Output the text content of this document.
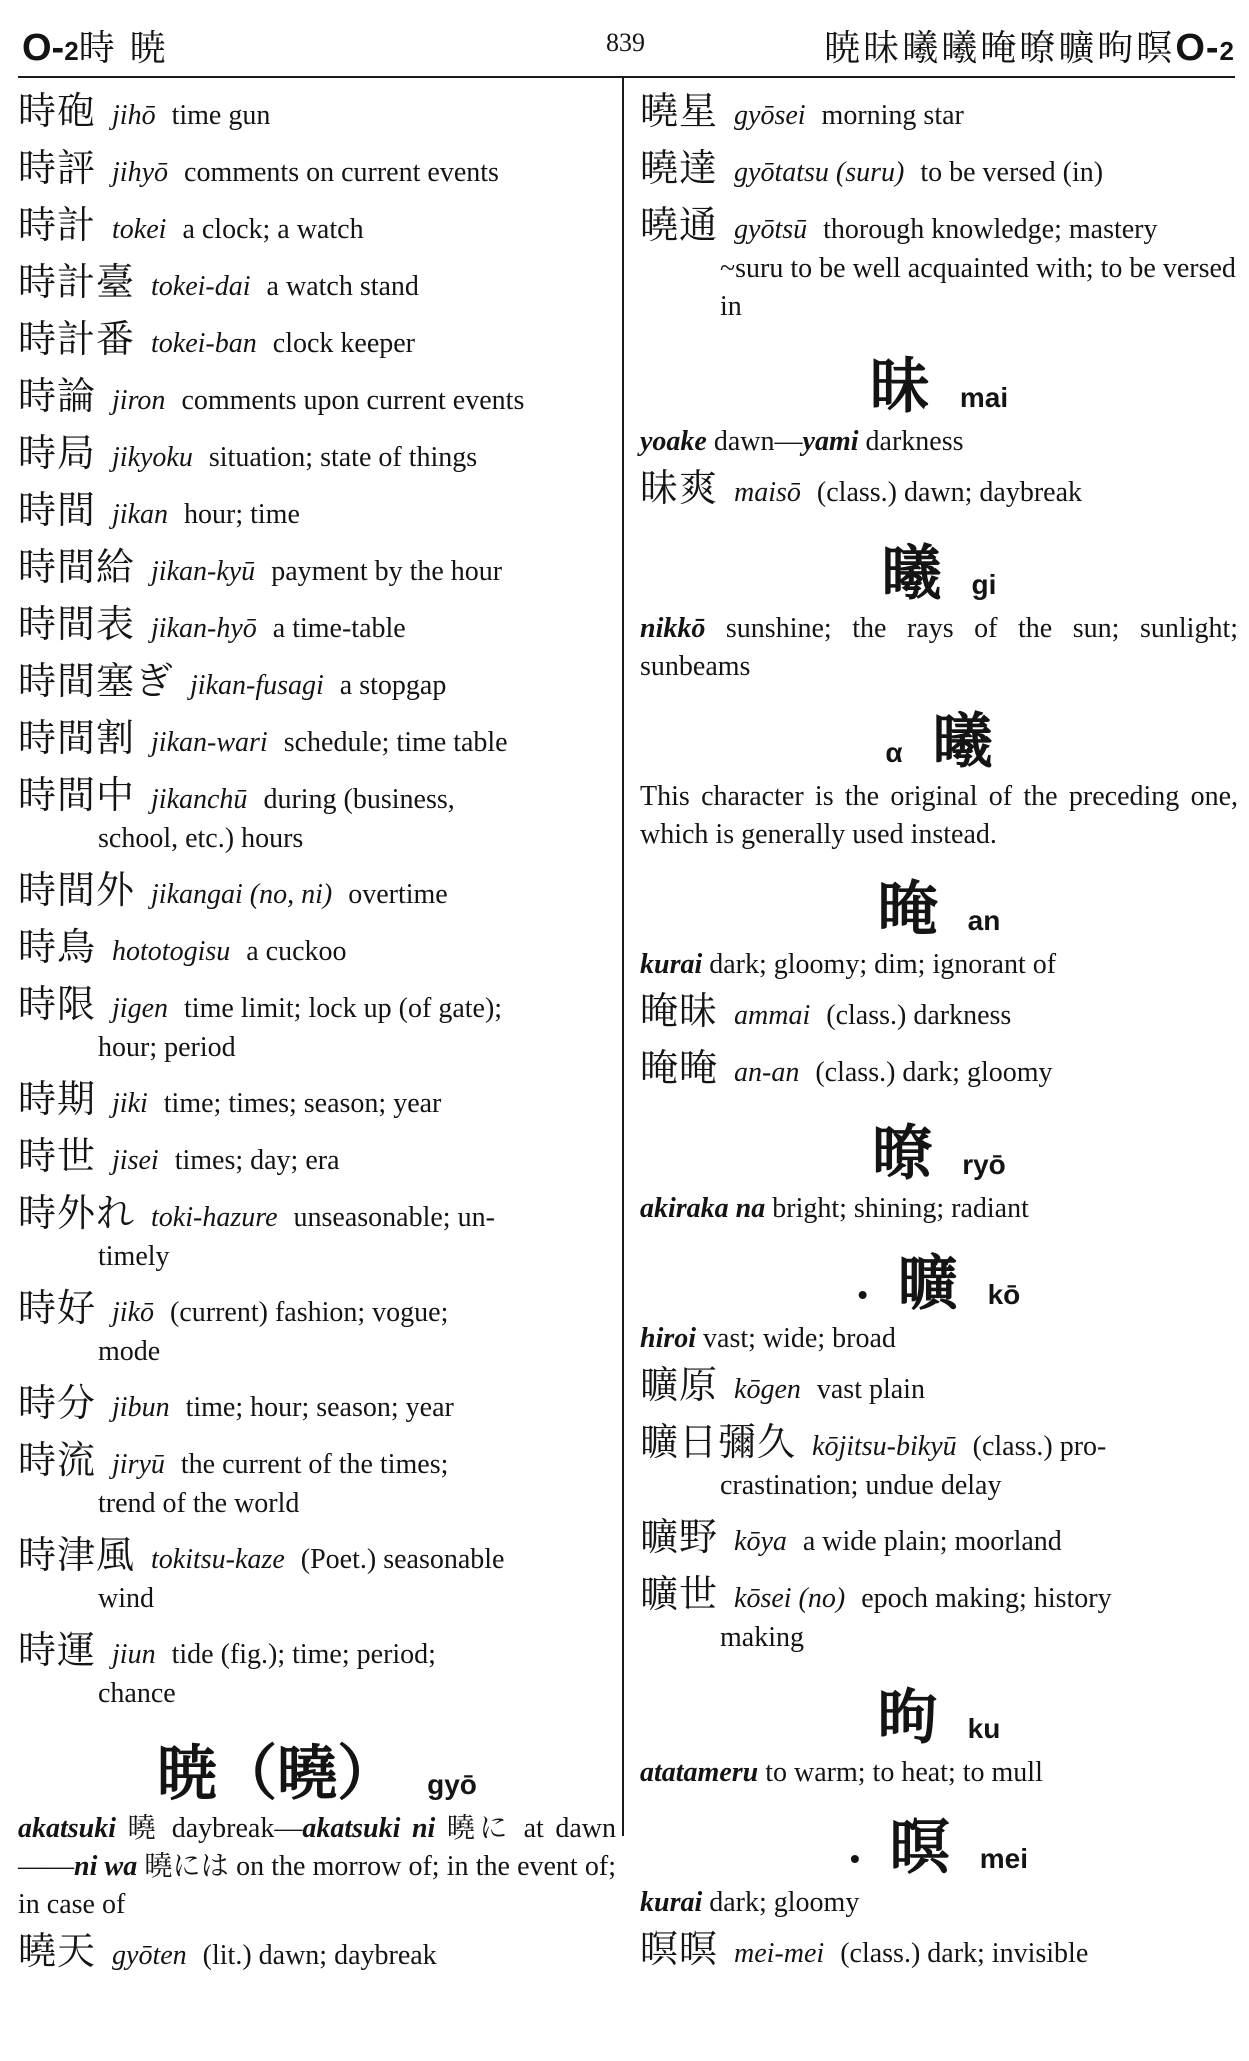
O-2時 暁	839	暁昧曦曦晻暸曠昫暝O-2
時砲 jihō time gun
時評 jihyō comments on current events
時計 tokei a clock; a watch
時計臺 tokei-dai a watch stand
時計番 tokei-ban clock keeper
時論 jiron comments upon current events
時局 jikyoku situation; state of things
時間 jikan hour; time
時間給 jikan-kyū payment by the hour
時間表 jikan-hyō a time-table
時間塞ぎ jikan-fusagi a stopgap
時間割 jikan-wari schedule; time table
時間中 jikanchū during (business,
school, etc.) hours
時間外 jikangai (no, ni) overtime
時鳥 hototogisu a cuckoo
時限 jigen time limit; lock up (of gate);
hour; period
時期 jiki time; times; season; year
時世 jisei times; day; era
時外れ toki-hazure unseasonable; un-
timely
時好 jikō (current) fashion; vogue;
mode
時分 jibun time; hour; season; year
時流 jiryū the current of the times;
trend of the world
時津風 tokitsu-kaze (Poet.) seasonable
wind
時運 jiun tide (fig.); time; period;
chance
暁（曉） gyō

akatsuki 曉 daybreak—akatsuki ni 曉に at dawn——ni wa 曉には on the morrow of; in the event of; in case of

曉天 gyōten (lit.) dawn; daybreak
曉星 gyōsei morning star
曉達 gyōtatsu (suru) to be versed (in)
曉通 gyōtsū thorough knowledge; mastery
~suru to be well acquainted with; to be versed in
昧 mai

yoake dawn—yami darkness

昧爽 maisō (class.) dawn; daybreak
曦 gi

nikkō sunshine; the rays of the sun; sunlight; sunbeams

α 曦

This character is the original of the preceding one, which is generally used instead.

晻 an

kurai dark; gloomy; dim; ignorant of

晻昧 ammai (class.) darkness
晻晻 an-an (class.) dark; gloomy
暸 ryō

akiraka na bright; shining; radiant

• 曠 kō

hiroi vast; wide; broad

曠原 kōgen vast plain
曠日彌久 kōjitsu-bikyū (class.) pro-
crastination; undue delay
曠野 kōya a wide plain; moorland
曠世 kōsei (no) epoch making; history
making
昫 ku

atatameru to warm; to heat; to mull

• 暝 mei

kurai dark; gloomy

暝暝 mei-mei (class.) dark; invisible
